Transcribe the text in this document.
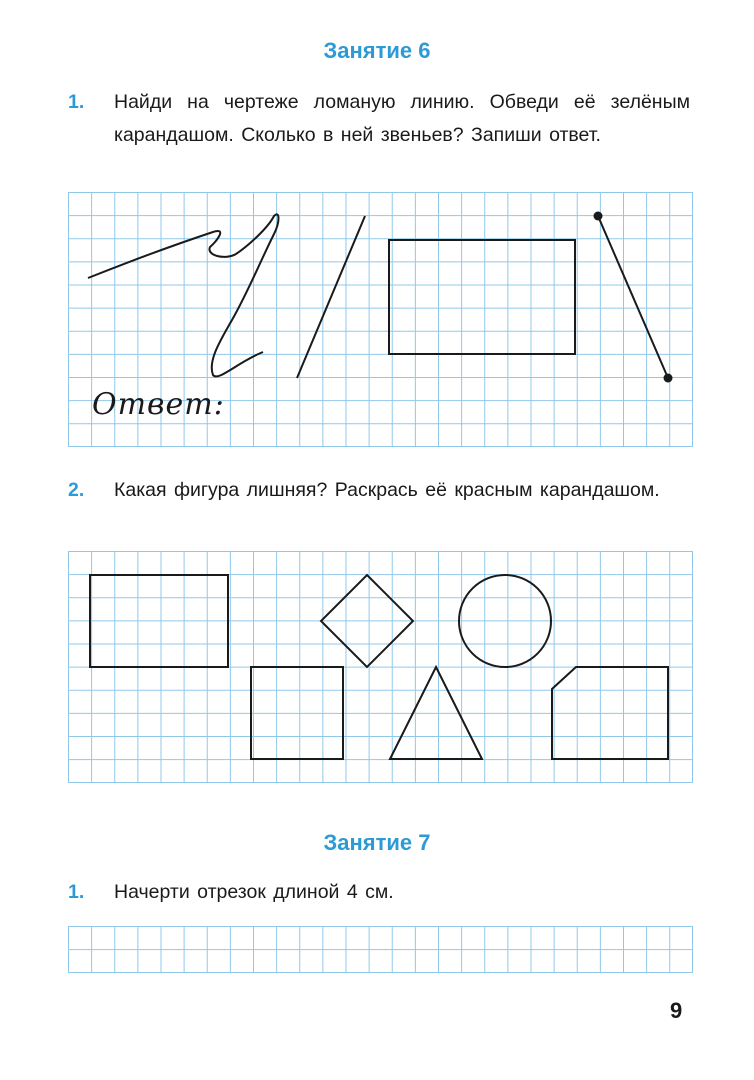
Занятие 6
1. Найди на чертеже ломаную линию. Обведи её зелёным карандашом. Сколько в ней звеньев? Запиши ответ.
Ответ:
2. Какая фигура лишняя? Раскрась её красным карандашом.
Занятие 7
1. Начерти отрезок длиной 4 см.
9
